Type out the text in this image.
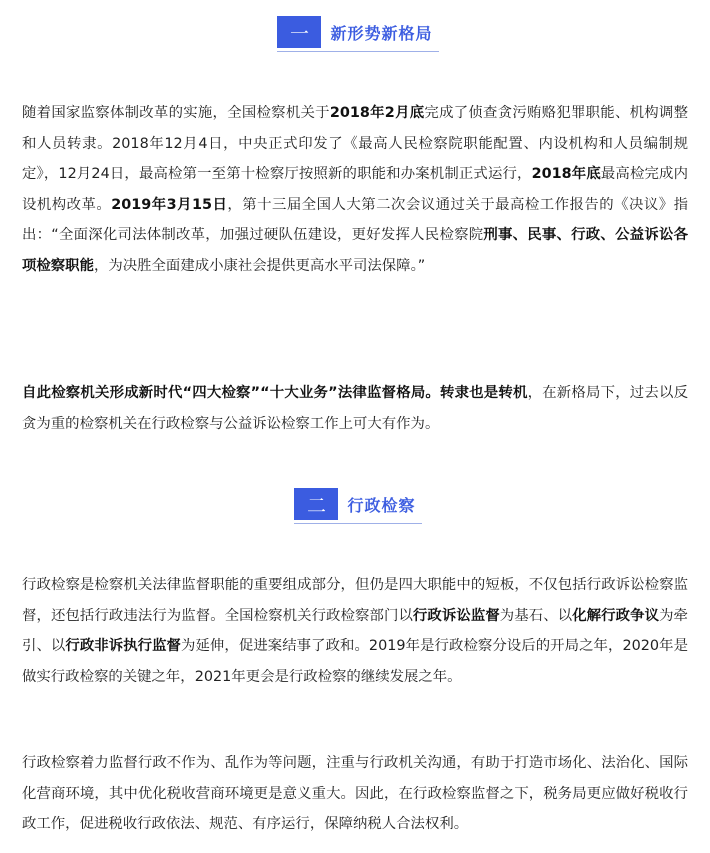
一	新形势新格局
随着国家监察体制改革的实施，全国检察机关于2018年2月底完成了侦查贪污贿赂犯罪职能、机构调整和人员转隶。2018年12月4日，中央正式印发了《最高人民检察院职能配置、内设机构和人员编制规定》，12月24日，最高检第一至第十检察厅按照新的职能和办案机制正式运行，2018年底最高检完成内设机构改革。2019年3月15日，第十三届全国人大第二次会议通过关于最高检工作报告的《决议》指出：“全面深化司法体制改革，加强过硬队伍建设，更好发挥人民检察院刑事、民事、行政、公益诉讼各项检察职能，为决胜全面建成小康社会提供更高水平司法保障。”
自此检察机关形成新时代“四大检察”“十大业务”法律监督格局。转隶也是转机，在新格局下，过去以反贪为重的检察机关在行政检察与公益诉讼检察工作上可大有作为。
二	行政检察
行政检察是检察机关法律监督职能的重要组成部分，但仍是四大职能中的短板，不仅包括行政诉讼检察监督，还包括行政违法行为监督。全国检察机关行政检察部门以行政诉讼监督为基石、以化解行政争议为牵引、以行政非诉执行监督为延伸，促进案结事了政和。2019年是行政检察分设后的开局之年，2020年是做实行政检察的关键之年，2021年更会是行政检察的继续发展之年。
行政检察着力监督行政不作为、乱作为等问题，注重与行政机关沟通，有助于打造市场化、法治化、国际化营商环境，其中优化税收营商环境更是意义重大。因此，在行政检察监督之下，税务局更应做好税收行政工作，促进税收行政依法、规范、有序运行，保障纳税人合法权利。
